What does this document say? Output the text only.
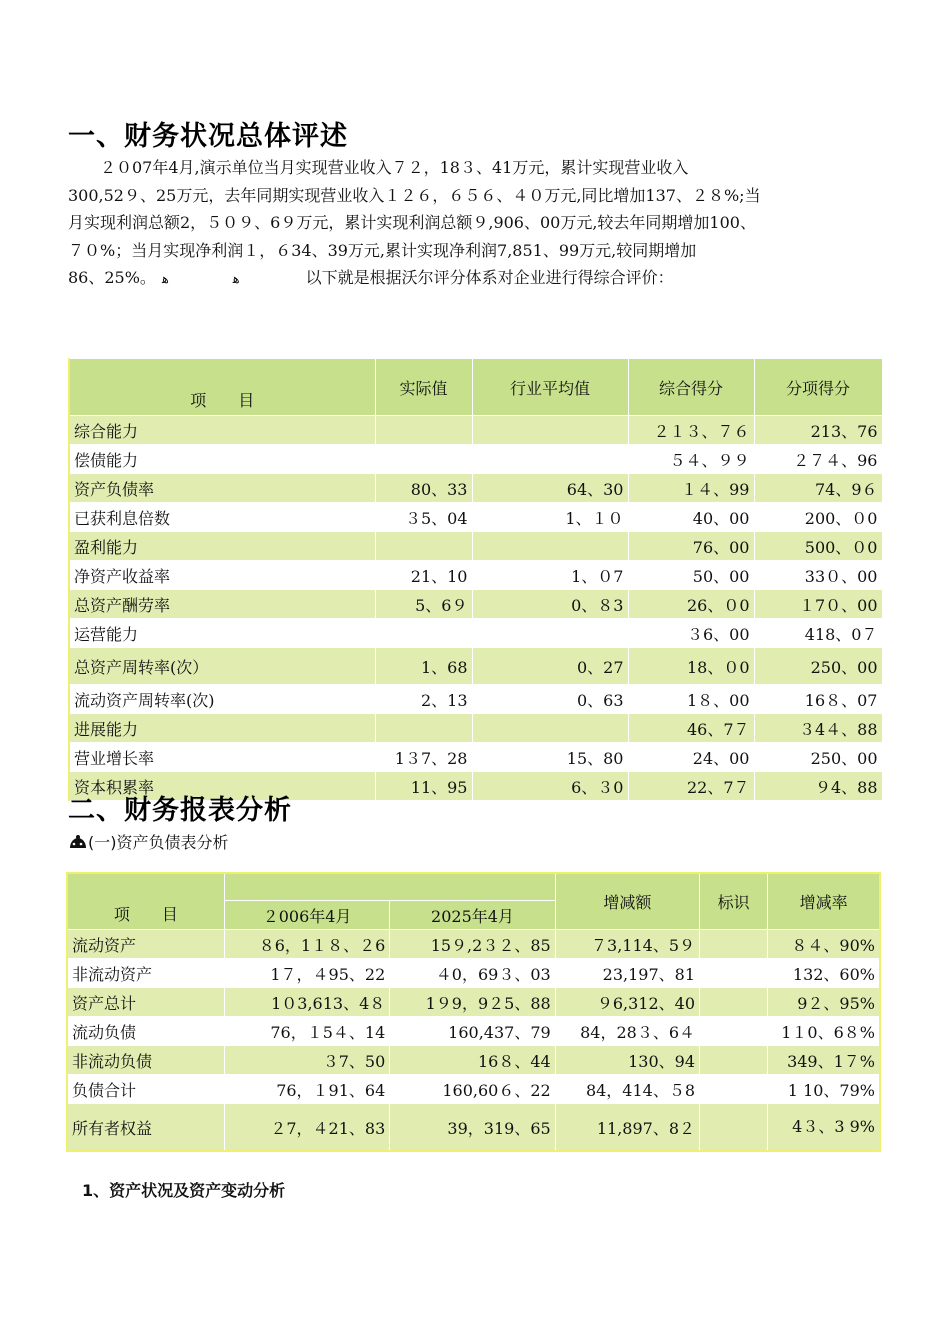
一、财务状况总体评述
　　２０07年4月,演示单位当月实现营业收入７２，18３、41万元，累计实现营业收入
300,52９、25万元，去年同期实现营业收入１２６，６５６、４０万元,同比增加137、２８%;当
月实现利润总额2，５０９、6９万元，累计实现利润总额９,906、00万元,较去年同期增加100、
７０%；当月实现净利润１，６34、39万元,累计实现净利润7,851、99万元,较同期增加
86、25%。 ﻫ	ﻫ	以下就是根据沃尔评分体系对企业进行得综合评价：
项　　目	实际值	行业平均值	综合得分	分项得分
综合能力			２１３、７６	213、76
偿债能力			５４、９９	２７４、96
资产负债率	80、33	64、30	１４、99	74、9６
已获利息倍数	３5、04	1、１０	40、00	200、０0
盈利能力			76、00	500、０0
净资产收益率	21、10	1、０7	50、00	33０、00
总资产酬劳率	5、6９	0、８3	26、０0	１7０、00
运营能力			３6、00	418、0７
总资产周转率(次）	1、68	0、27	18、０0	250、00
流动资产周转率(次)	2、13	0、63	1８、00	16８、07
进展能力			46、7７	３4４、88
营业增长率	1３7、28	15、80	24、00	250、00
资本积累率	11、95	6、３0	22、7７	９4、88
二、财务报表分析
(一)资产负债表分析
项　　目			增减额	标识	增减率
	２006年4月	2025年4月			
流动资产	８6，1１８、２6	15９,2３２、85	７3,114、5９		８４、90%
非流动资产	1７，４95、22	４0，69３、03	23,197、81		132、60%
资产总计	1０3,613、4８	1９9，9２5、88	９6,312、40		9２、95%
流动负债	76，１5４、14	160,437、79	84，28３、6４		1１0、6８%
非流动负债	３7、50	16８、44	130、94		349、1７%
负债合计	76，１91、64	160,60６、22	84，414、５8		1 10、79%
所有者权益	２7，４21、83	39，319、65	11,897、8２		4３、3 9%
1、资产状况及资产变动分析
